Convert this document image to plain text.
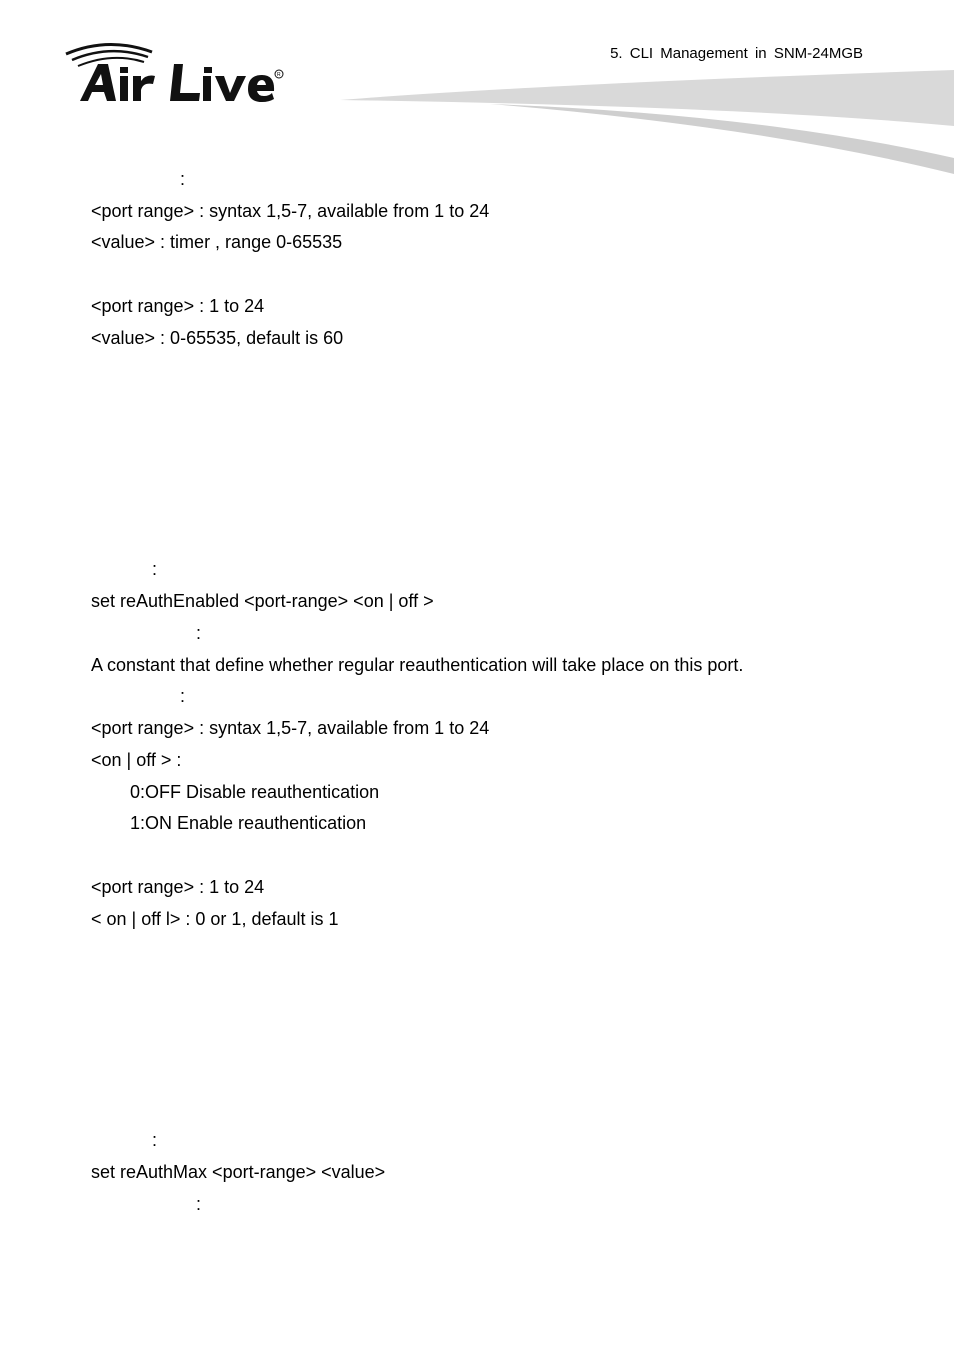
R
5. CLI Management in SNM-24MGB
:
<port range> : syntax 1,5-7, available from 1 to 24
<value> : timer , range 0-65535
<port range> : 1 to 24
<value> : 0-65535, default is 60
:
set reAuthEnabled <port-range> <on | off >
:
A constant that define whether regular reauthentication will take place on this port.
:
<port range> : syntax 1,5-7, available from 1 to 24
<on | off > :
0:OFF Disable reauthentication
1:ON Enable reauthentication
<port range> : 1 to 24
< on | off l> : 0 or 1, default is 1
:
set reAuthMax <port-range> <value>
:
